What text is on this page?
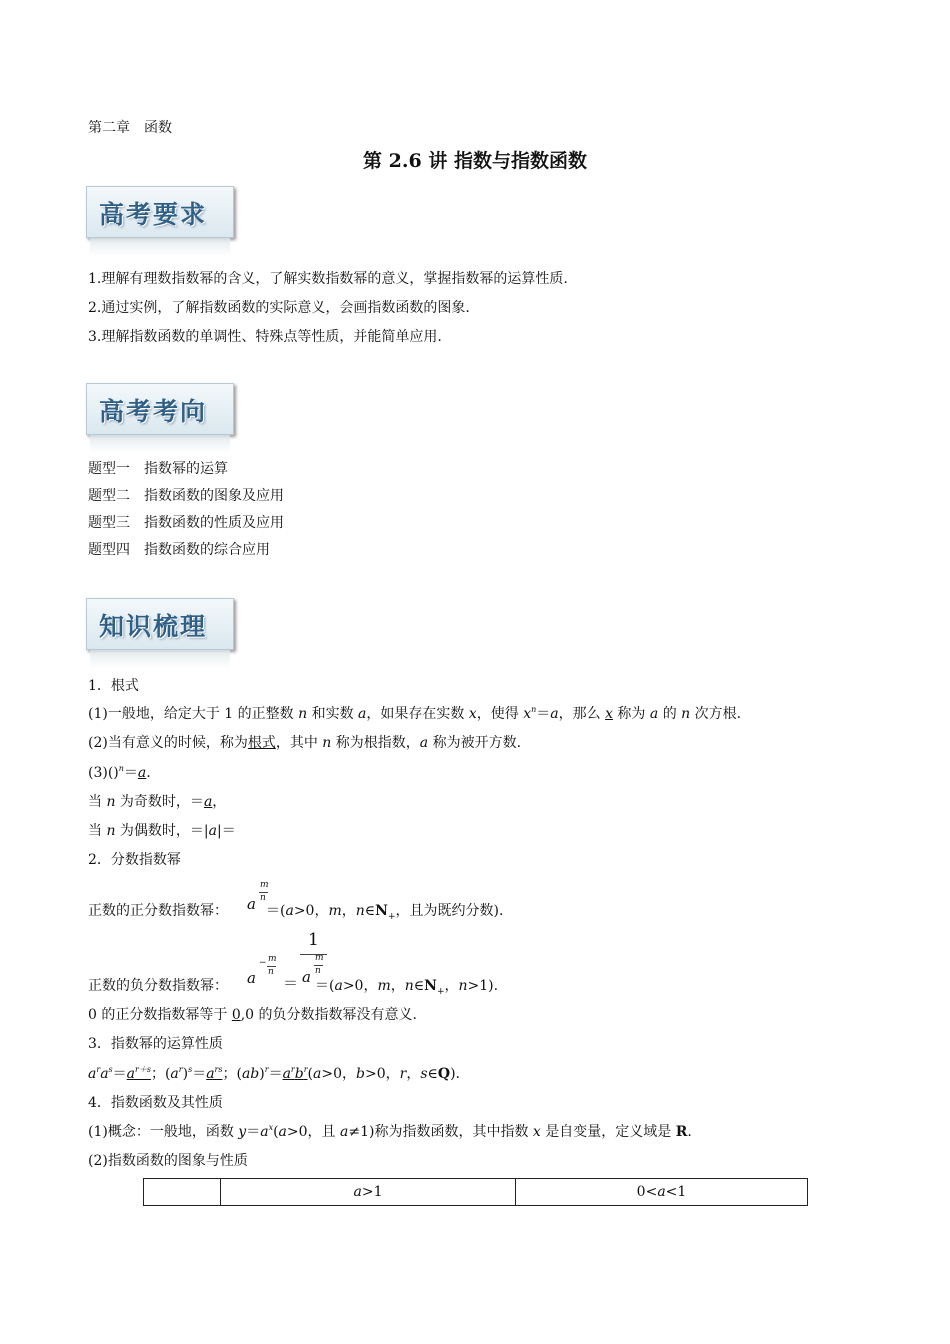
第二章　函数
第 2.6 讲 指数与指数函数
高考要求
1.理解有理数指数幂的含义，了解实数指数幂的意义，掌握指数幂的运算性质.
2.通过实例，了解指数函数的实际意义，会画指数函数的图象.
3.理解指数函数的单调性、特殊点等性质，并能简单应用.
高考考向
题型一　指数幂的运算
题型二　指数函数的图象及应用
题型三　指数函数的性质及应用
题型四　指数函数的综合应用
知识梳理
1．根式
(1)一般地，给定大于 1 的正整数 n 和实数 a，如果存在实数 x，使得 $x^n=a$，那么 x 称为 a 的 n 次方根.
(2)当有意义的时候，称为根式，其中 n 称为根指数，a 称为被开方数.
(3)()$^n$＝a.
当 n 为奇数时，＝a，
当 n 为偶数时，＝|a|＝
2．分数指数幂
正数的正分数指数幂：	＝(a>0，m，$n\in N_+$，且为既约分数).
a
m
n
正数的负分数指数幂：	＝(a>0，m，$n\in N_+$，n>1).
a
− m
n
＝
1
a
m
n
0 的正分数指数幂等于 0,0 的负分数指数幂没有意义.
3．指数幂的运算性质
$a^ra^s=a^{r+s}$；$(a^r)^s=a^{rs}$；$(ab)^r=a^rb^r(a>0$，b>0，r，s∈Q).
4．指数函数及其性质
(1)概念：一般地，函数 $y=a^x(a>0$，且 a≠1)称为指数函数，其中指数 x 是自变量，定义域是 R.
(2)指数函数的图象与性质
	a>1	0<a<1
